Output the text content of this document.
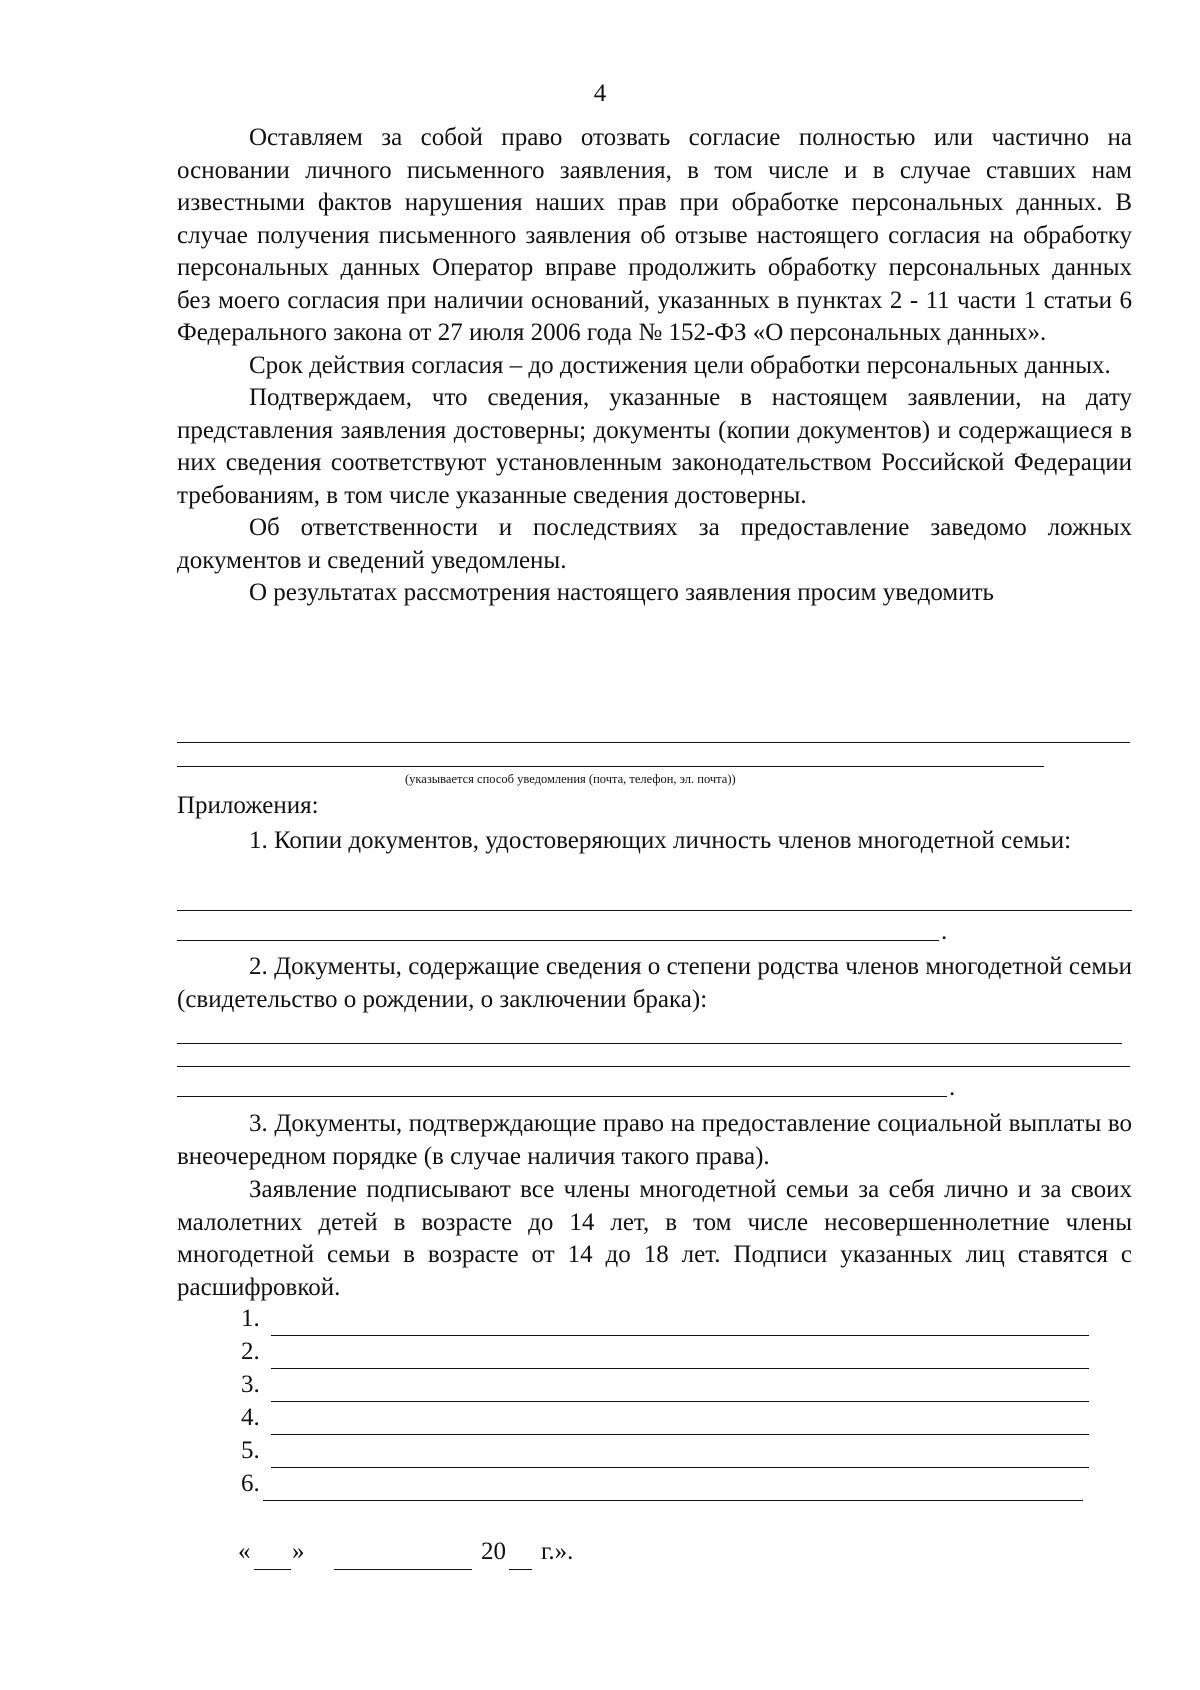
4

Оставляем за собой право отозвать согласие полностью или частично на основании личного письменного заявления, в том числе и в случае ставших нам известными фактов нарушения наших прав при обработке персональных данных. В случае получения письменного заявления об отзыве настоящего согласия на обработку персональных данных Оператор вправе продолжить обработку персональных данных без моего согласия при наличии оснований, указанных в пунктах 2 - 11 части 1 статьи 6 Федерального закона от 27 июля 2006 года № 152-ФЗ «О персональных данных».

Срок действия согласия – до достижения цели обработки персональных данных.

Подтверждаем, что сведения, указанные в настоящем заявлении, на дату представления заявления достоверны; документы (копии документов) и содержащиеся в них сведения соответствуют установленным законодательством Российской Федерации требованиям, в том числе указанные сведения достоверны.

Об ответственности и последствиях за предоставление заведомо ложных документов и сведений уведомлены.

О результатах рассмотрения настоящего заявления просим уведомить

(указывается способ уведомления (почта, телефон, эл. почта))
Приложения:

1. Копии документов, удостоверяющих личность членов многодетной семьи:

.

2. Документы, содержащие сведения о степени родства членов многодетной семьи (свидетельство о рождении, о заключении брака):

.

3. Документы, подтверждающие право на предоставление социальной выплаты во внеочередном порядке (в случае наличия такого права).

Заявление подписывают все члены многодетной семьи за себя лично и за своих малолетних детей в возрасте до 14 лет, в том числе несовершеннолетние члены многодетной семьи в возрасте от 14 до 18 лет. Подписи указанных лиц ставятся с расшифровкой.

1.
2.
3.
4.
5.
6.
« »	20 г.».
